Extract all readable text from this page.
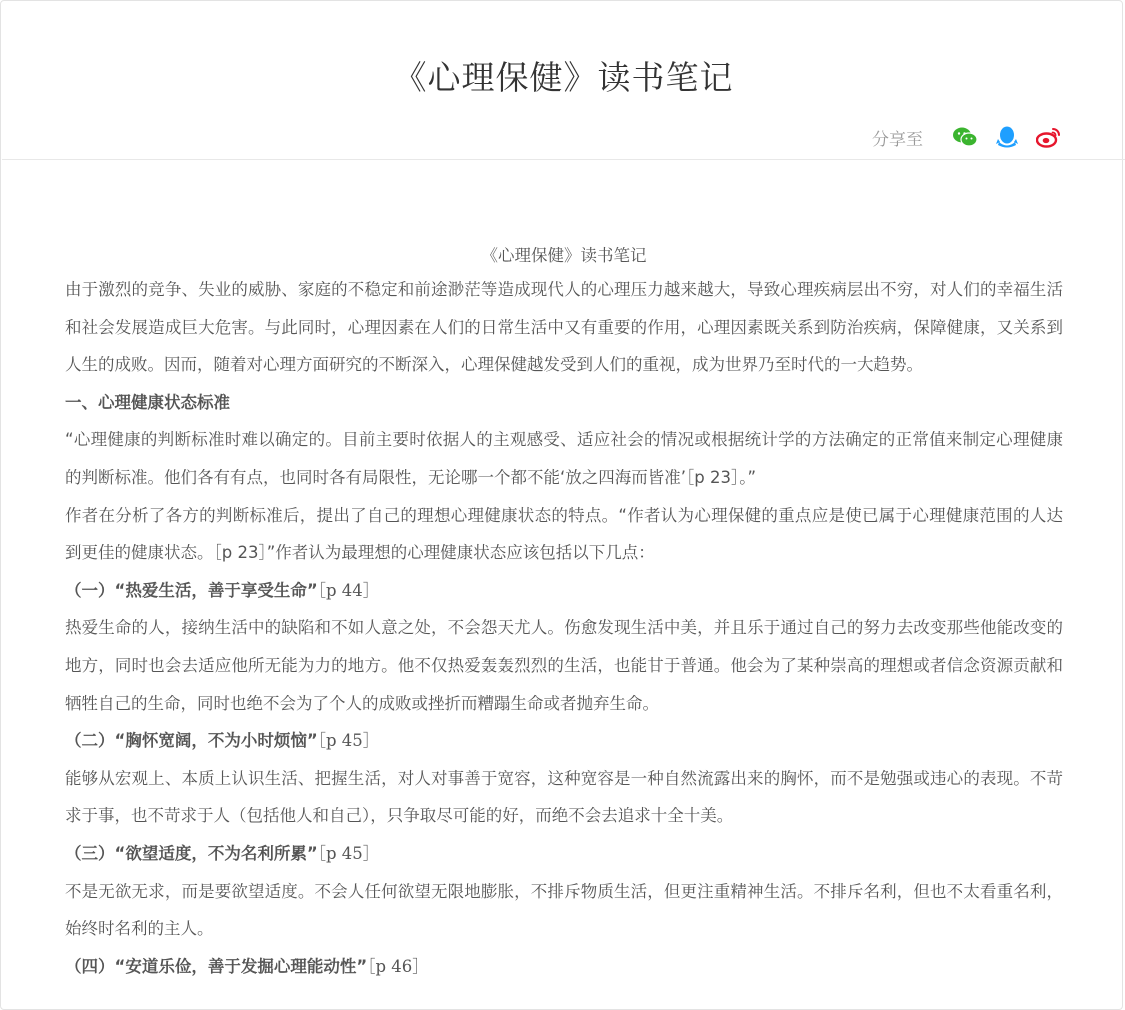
《心理保健》读书笔记
分享至

《心理保健》读书笔记

由于激烈的竞争、失业的威胁、家庭的不稳定和前途渺茫等造成现代人的心理压力越来越大，导致心理疾病层出不穷，对人们的幸福生活和社会发展造成巨大危害。与此同时，心理因素在人们的日常生活中又有重要的作用，心理因素既关系到防治疾病，保障健康，又关系到人生的成败。因而，随着对心理方面研究的不断深入，心理保健越发受到人们的重视，成为世界乃至时代的一大趋势。

一、心理健康状态标准

“心理健康的判断标准时难以确定的。目前主要时依据人的主观感受、适应社会的情况或根据统计学的方法确定的正常值来制定心理健康的判断标准。他们各有有点，也同时各有局限性，无论哪一个都不能‘放之四海而皆准’［p 23］。”

作者在分析了各方的判断标准后，提出了自己的理想心理健康状态的特点。“作者认为心理保健的重点应是使已属于心理健康范围的人达到更佳的健康状态。［p 23］”作者认为最理想的心理健康状态应该包括以下几点：

（一）“热爱生活，善于享受生命”［p 44］

热爱生命的人，接纳生活中的缺陷和不如人意之处，不会怨天尤人。伤愈发现生活中美，并且乐于通过自己的努力去改变那些他能改变的地方，同时也会去适应他所无能为力的地方。他不仅热爱轰轰烈烈的生活，也能甘于普通。他会为了某种崇高的理想或者信念资源贡献和牺牲自己的生命，同时也绝不会为了个人的成败或挫折而糟蹋生命或者抛弃生命。

（二）“胸怀宽阔，不为小时烦恼”［p 45］

能够从宏观上、本质上认识生活、把握生活，对人对事善于宽容，这种宽容是一种自然流露出来的胸怀，而不是勉强或违心的表现。不苛求于事，也不苛求于人（包括他人和自己），只争取尽可能的好，而绝不会去追求十全十美。

（三）“欲望适度，不为名利所累”［p 45］

不是无欲无求，而是要欲望适度。不会人任何欲望无限地膨胀，不排斥物质生活，但更注重精神生活。不排斥名利，但也不太看重名利，始终时名利的主人。

（四）“安道乐俭，善于发掘心理能动性”［p 46］
